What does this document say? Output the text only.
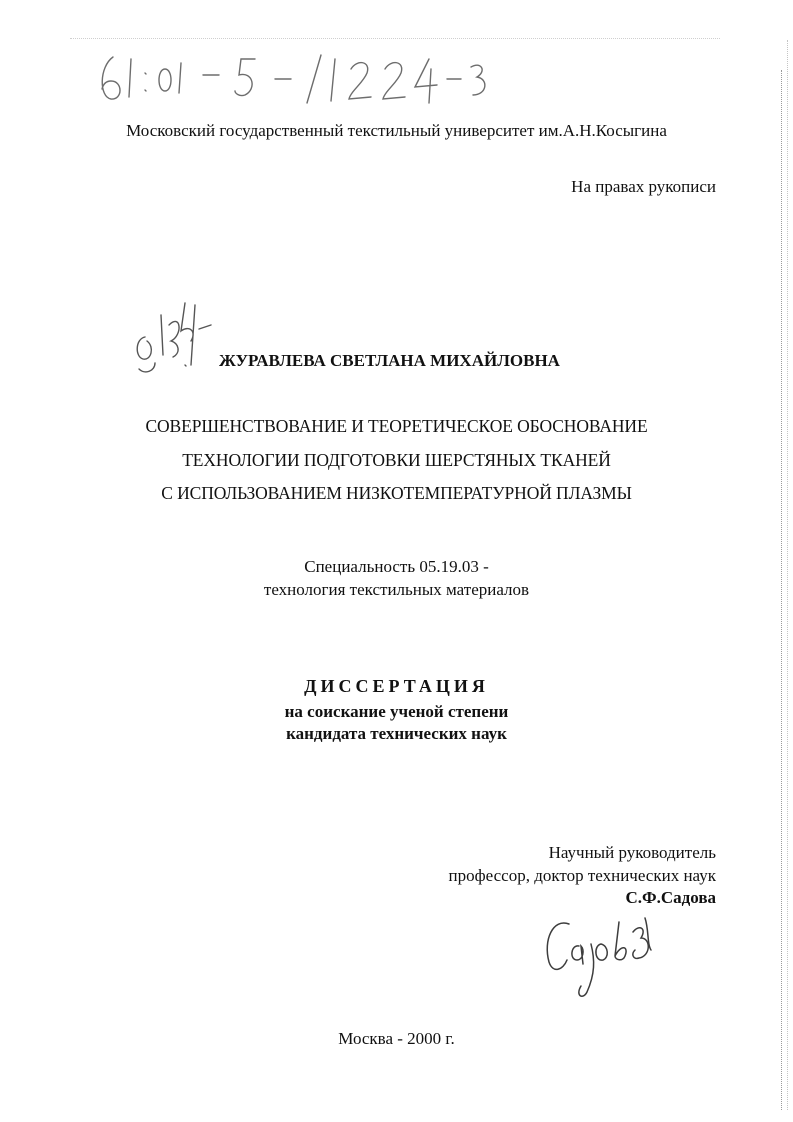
Московский государственный текстильный университет им.А.Н.Косыгина
На правах рукописи
ЖУРАВЛЕВА СВЕТЛАНА МИХАЙЛОВНА
СОВЕРШЕНСТВОВАНИЕ И ТЕОРЕТИЧЕСКОЕ ОБОСНОВАНИЕ
ТЕХНОЛОГИИ ПОДГОТОВКИ ШЕРСТЯНЫХ ТКАНЕЙ
С ИСПОЛЬЗОВАНИЕМ НИЗКОТЕМПЕРАТУРНОЙ ПЛАЗМЫ
Специальность 05.19.03 -
технология текстильных материалов
ДИССЕРТАЦИЯ
на соискание ученой степени
кандидата технических наук
Научный руководитель
профессор, доктор технических наук
С.Ф.Садова
Москва - 2000 г.
